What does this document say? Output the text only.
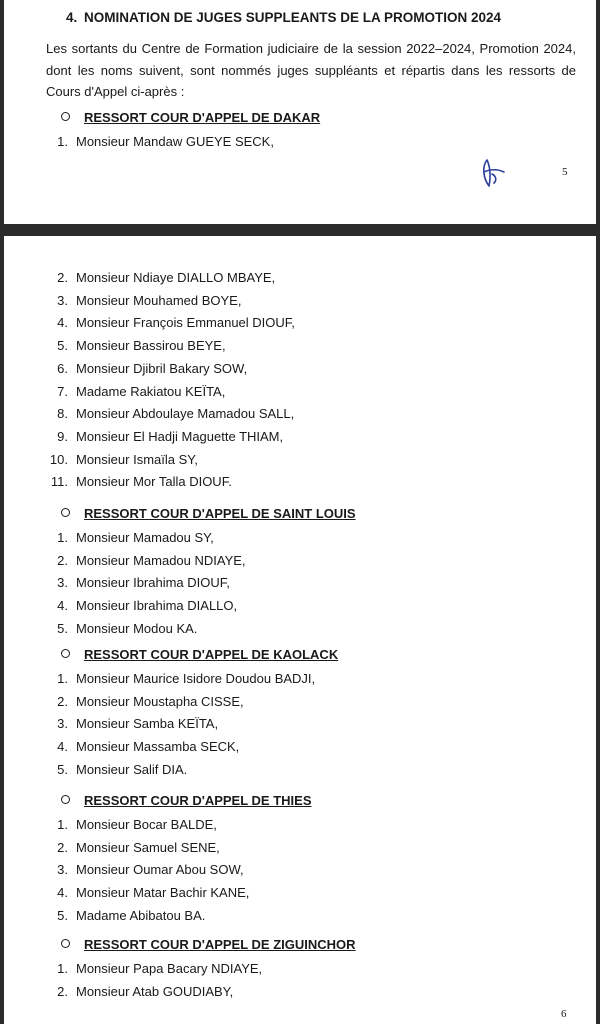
4. NOMINATION DE JUGES SUPPLEANTS DE LA PROMOTION 2024
Les sortants du Centre de Formation judiciaire de la session 2022–2024, Promotion 2024, dont les noms suivent, sont nommés juges suppléants et répartis dans les ressorts de Cours d'Appel ci-après :
RESSORT COUR D'APPEL DE DAKAR
1. Monsieur Mandaw GUEYE SECK,
5
2. Monsieur Ndiaye DIALLO MBAYE,
3. Monsieur Mouhamed BOYE,
4. Monsieur François Emmanuel DIOUF,
5. Monsieur Bassirou BEYE,
6. Monsieur Djibril Bakary SOW,
7. Madame Rakiatou KEÏTA,
8. Monsieur Abdoulaye Mamadou SALL,
9. Monsieur El Hadji Maguette THIAM,
10. Monsieur Ismaïla SY,
11. Monsieur Mor Talla DIOUF.
RESSORT COUR D'APPEL DE SAINT LOUIS
1. Monsieur Mamadou SY,
2. Monsieur Mamadou NDIAYE,
3. Monsieur Ibrahima DIOUF,
4. Monsieur Ibrahima DIALLO,
5. Monsieur Modou KA.
RESSORT COUR D'APPEL DE KAOLACK
1. Monsieur Maurice Isidore Doudou BADJI,
2. Monsieur Moustapha CISSE,
3. Monsieur Samba KEÏTA,
4. Monsieur Massamba SECK,
5. Monsieur Salif DIA.
RESSORT COUR D'APPEL DE THIES
1. Monsieur Bocar BALDE,
2. Monsieur Samuel SENE,
3. Monsieur Oumar Abou SOW,
4. Monsieur Matar Bachir KANE,
5. Madame Abibatou BA.
RESSORT COUR D'APPEL DE ZIGUINCHOR
1. Monsieur Papa Bacary NDIAYE,
2. Monsieur Atab GOUDIABY,
6
